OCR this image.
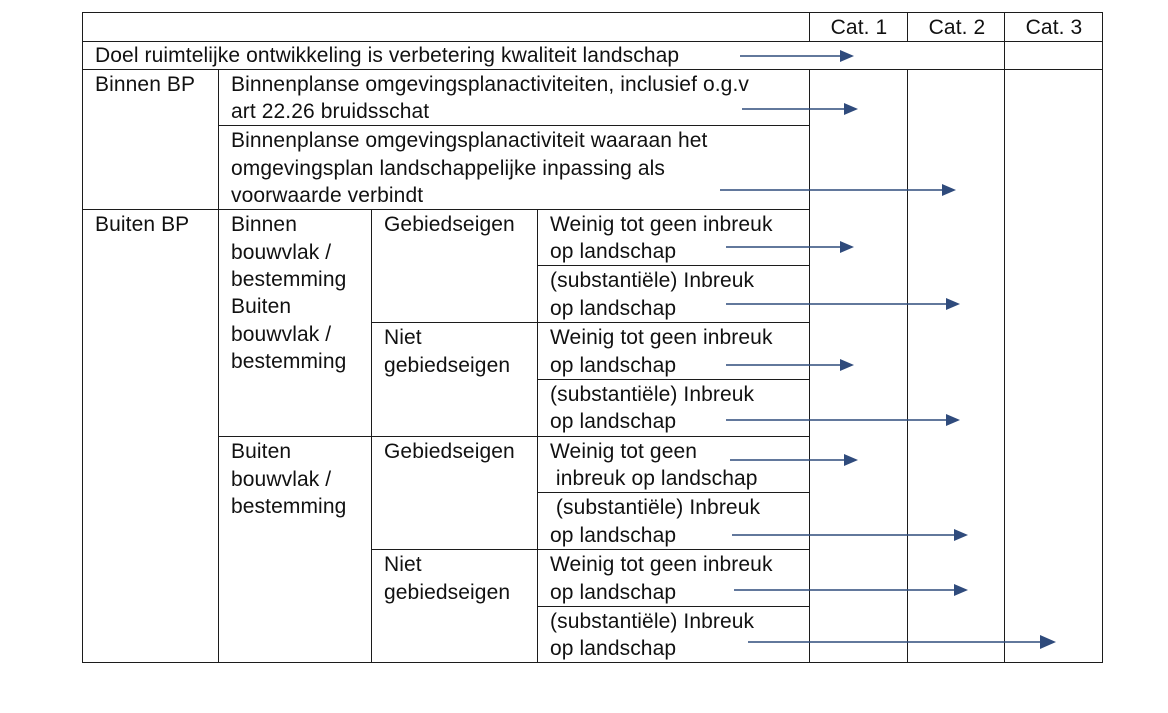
Cat. 1	Cat. 2	Cat. 3
Doel ruimtelijke ontwikkeling is verbetering kwaliteit landschap
Binnen BP Binnenplanse omgevingsplanactiviteiten, inclusief o.g.v
art 22.26 bruidsschat
Binnenplanse omgevingsplanactiviteit waaraan het
omgevingsplan landschappelijke inpassing als
voorwaarde verbindt
Buiten BP Binnen
bouwvlak /
bestemming
Buiten
bouwvlak /
bestemming
Buiten
bouwvlak /
bestemming
Gebiedseigen
Niet
gebiedseigen
Gebiedseigen
Niet
gebiedseigen
Weinig tot geen inbreuk
op landschap
(substantiële) Inbreuk
op landschap
Weinig tot geen inbreuk
op landschap
(substantiële) Inbreuk
op landschap
Weinig tot geen
inbreuk op landschap
(substantiële) Inbreuk
op landschap
Weinig tot geen inbreuk
op landschap
(substantiële) Inbreuk
op landschap
